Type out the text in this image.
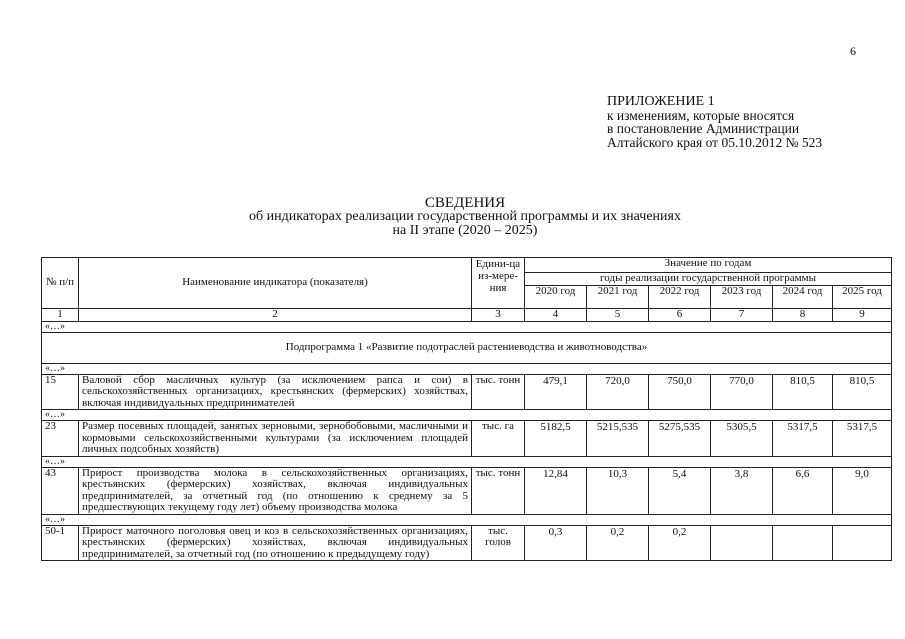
6
ПРИЛОЖЕНИЕ 1
к изменениям, которые вносятся
в постановление Администрации
Алтайского края от 05.10.2012 № 523
СВЕДЕНИЯ
об индикаторах реализации государственной программы и их значениях
на II этапе (2020 – 2025)
№ п/п	Наименование индикатора (показателя)	Едини-ца из-мере-ния	Значение по годам					
			годы реализации государственной программы					
			2020 год	2021 год	2022 год	2023 год	2024 год	2025 год
1	2	3	4	5	6	7	8	9
«…»								
Подпрограмма 1 «Развитие подотраслей растениеводства и животноводства»								
«…»								
15	Валовой сбор масличных культур (за исключением рапса и сои) в сельскохозяйственных организациях, крестьянских (фермерских) хозяйствах, включая индивидуальных предпринимателей	тыс. тонн	479,1	720,0	750,0	770,0	810,5	810,5
«…»								
23	Размер посевных площадей, занятых зерновыми, зернобобовыми, масличными и кормовыми сельскохозяйственными культурами (за исключением площадей личных подсобных хозяйств)	тыс. га	5182,5	5215,535	5275,535	5305,5	5317,5	5317,5
«…»								
43	Прирост производства молока в сельскохозяйственных организациях, крестьянских (фермерских) хозяйствах, включая индивидуальных предпринимателей, за отчетный год (по отношению к среднему за 5 предшествующих текущему году лет) объему производства молока	тыс. тонн	12,84	10,3	5,4	3,8	6,6	9,0
«…»								
50-1	Прирост маточного поголовья овец и коз в сельскохозяйственных организациях, крестьянских (фермерских) хозяйствах, включая индивидуальных предпринимателей, за отчетный год (по отношению к предыдущему году)	тыс. голов	0,3	0,2	0,2			
